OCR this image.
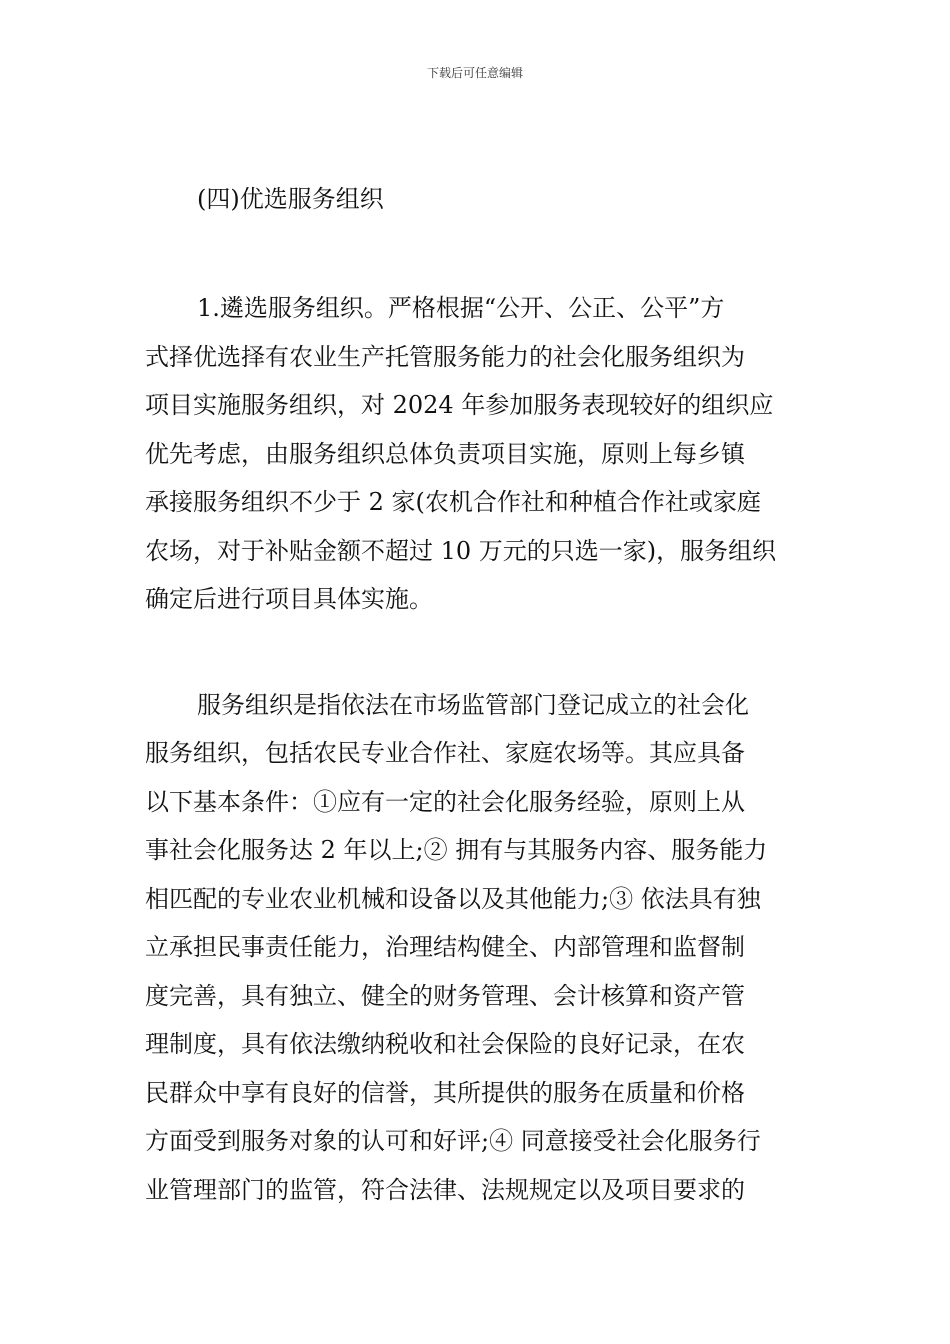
下载后可任意编辑
(四)优选服务组织

1.遴选服务组织。严格根据“公开、公正、公平”方
式择优选择有农业生产托管服务能力的社会化服务组织为
项目实施服务组织，对 2024 年参加服务表现较好的组织应
优先考虑，由服务组织总体负责项目实施，原则上每乡镇
承接服务组织不少于 2 家(农机合作社和种植合作社或家庭
农场，对于补贴金额不超过 10 万元的只选一家)，服务组织
确定后进行项目具体实施。

服务组织是指依法在市场监管部门登记成立的社会化
服务组织，包括农民专业合作社、家庭农场等。其应具备
以下基本条件：①应有一定的社会化服务经验，原则上从
事社会化服务达 2 年以上;② 拥有与其服务内容、服务能力
相匹配的专业农业机械和设备以及其他能力;③ 依法具有独
立承担民事责任能力，治理结构健全、内部管理和监督制
度完善，具有独立、健全的财务管理、会计核算和资产管
理制度，具有依法缴纳税收和社会保险的良好记录，在农
民群众中享有良好的信誉，其所提供的服务在质量和价格
方面受到服务对象的认可和好评;④ 同意接受社会化服务行
业管理部门的监管，符合法律、法规规定以及项目要求的
